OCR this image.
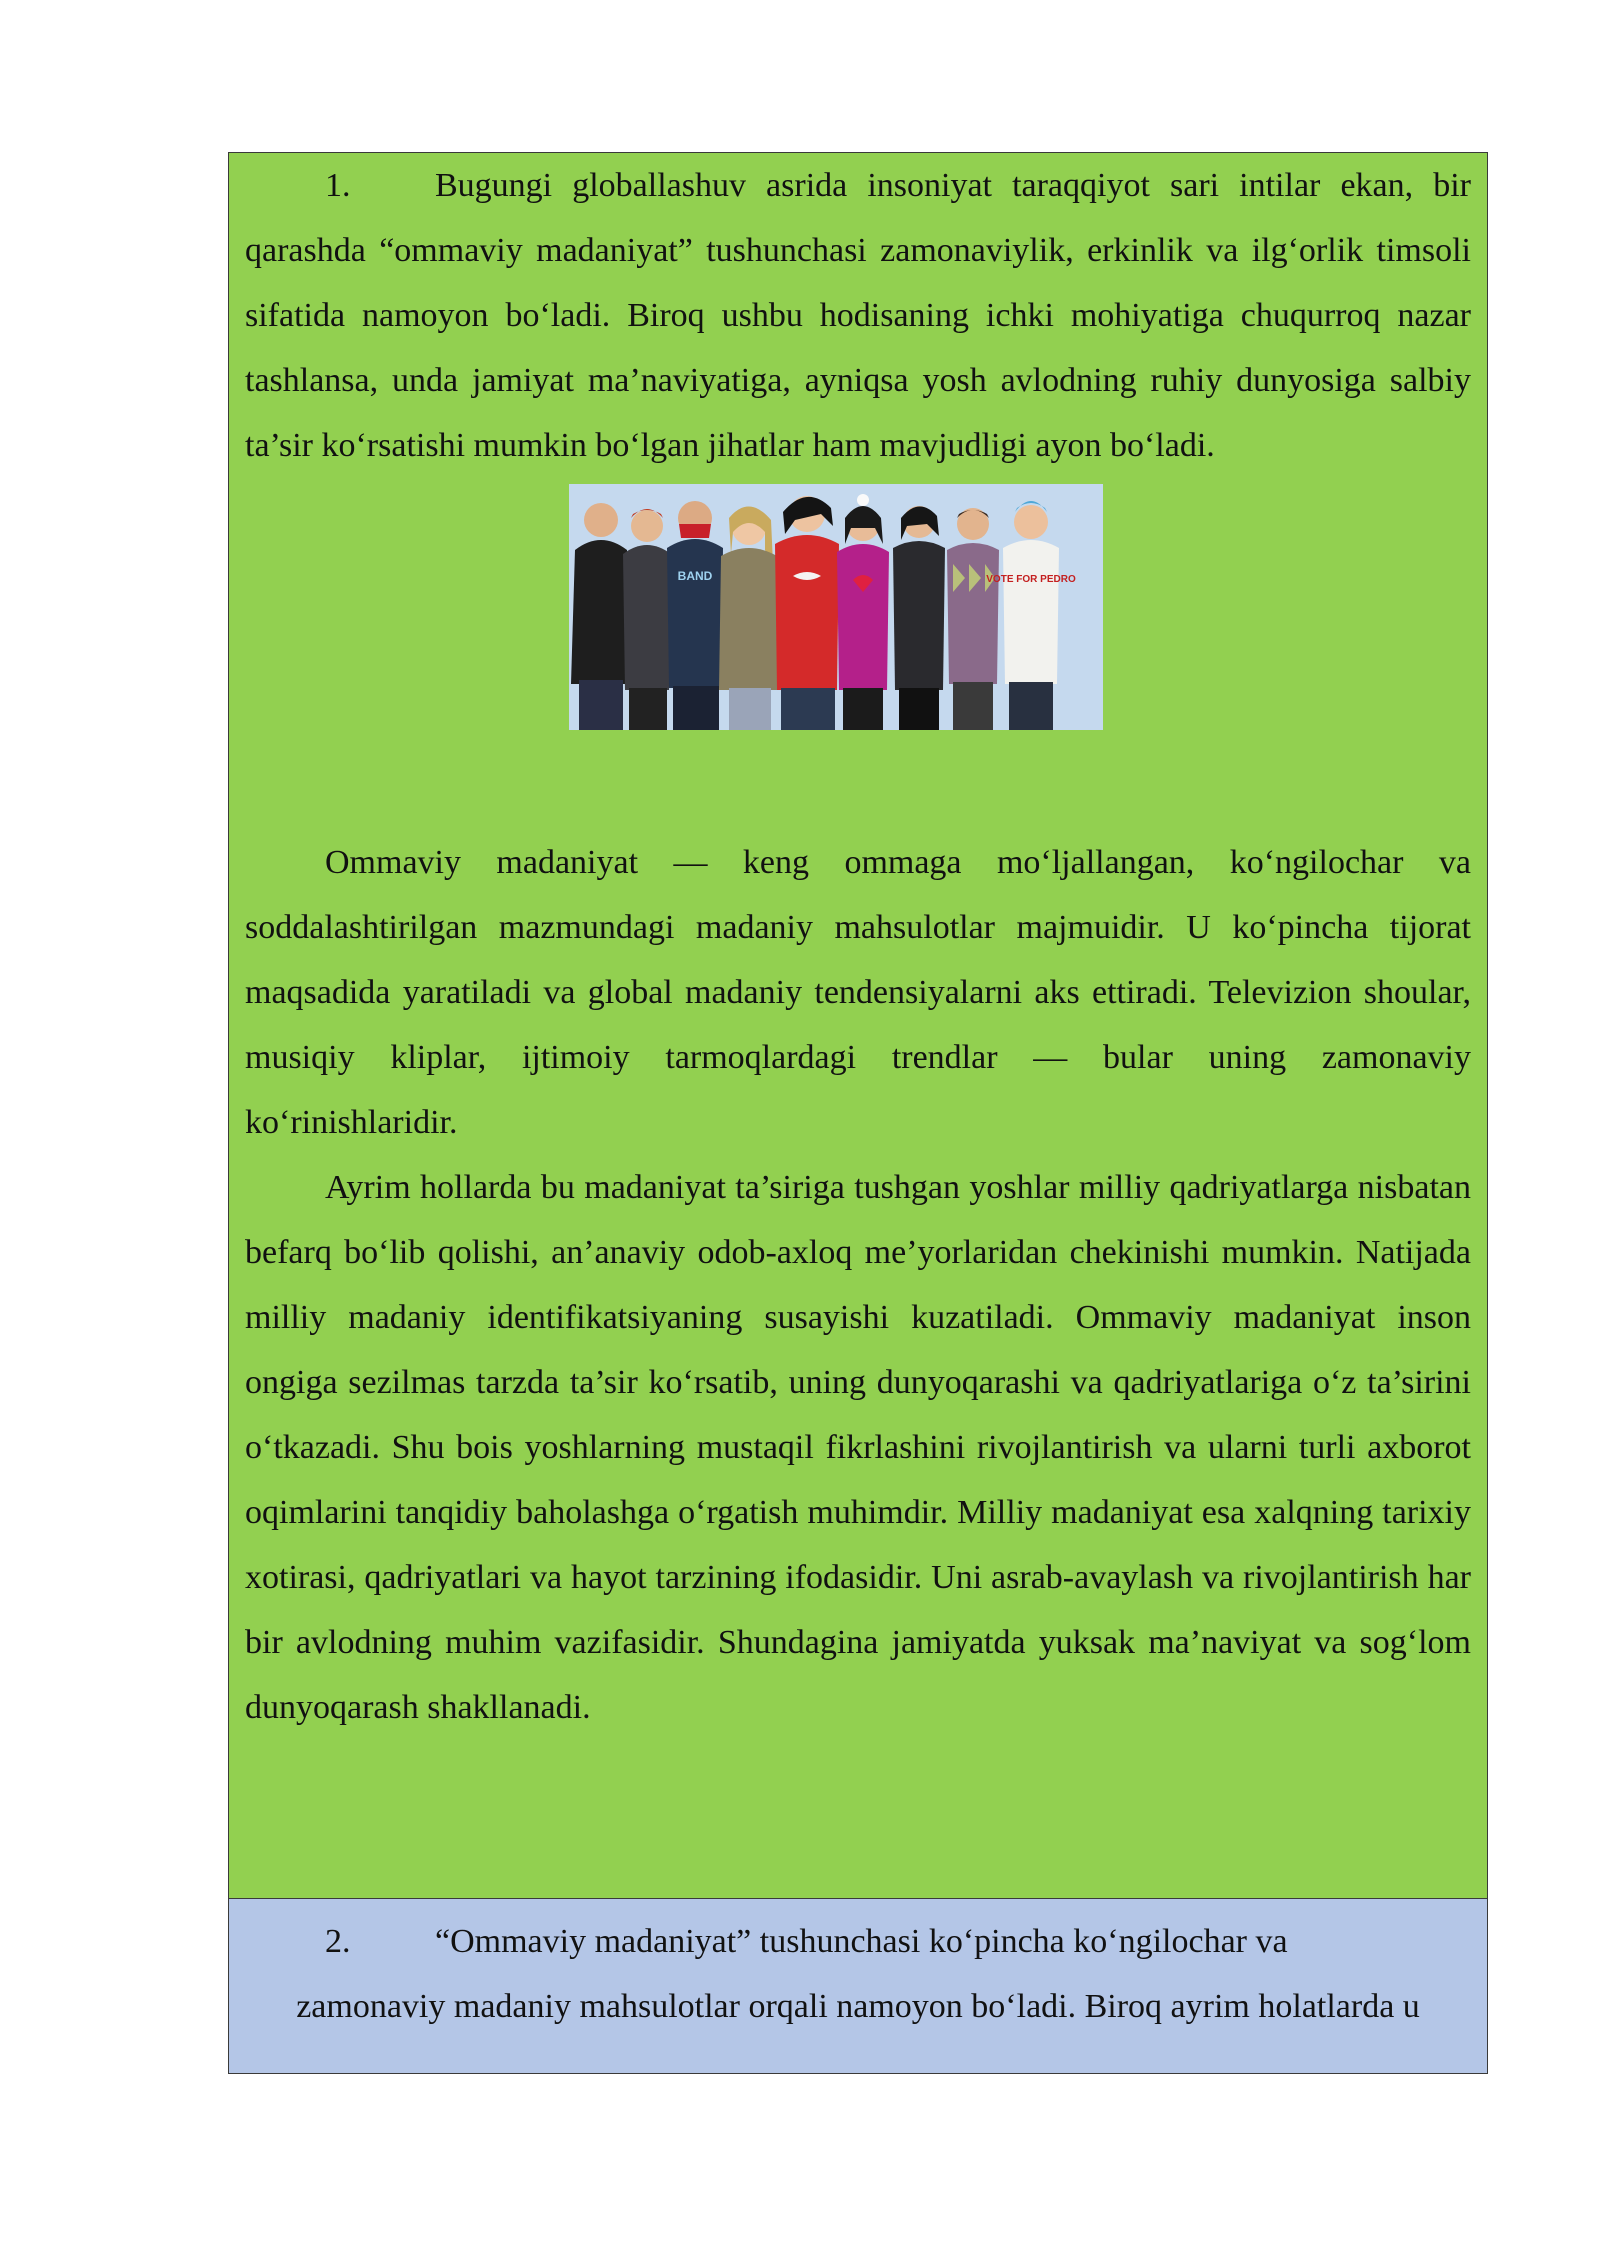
1. Bugungi globallashuv asrida insoniyat taraqqiyot sari intilar ekan, bir qarashda “ommaviy madaniyat” tushunchasi zamonaviylik, erkinlik va ilg‘orlik timsoli sifatida namoyon bo‘ladi. Biroq ushbu hodisaning ichki mohiyatiga chuqurroq nazar tashlansa, unda jamiyat ma’naviyatiga, ayniqsa yosh avlodning ruhiy dunyosiga salbiy ta’sir ko‘rsatishi mumkin bo‘lgan jihatlar ham mavjudligi ayon bo‘ladi.

BAND	VOTE FOR PEDRO

Ommaviy madaniyat — keng ommaga mo‘ljallangan, ko‘ngilochar va soddalashtirilgan mazmundagi madaniy mahsulotlar majmuidir. U ko‘pincha tijorat maqsadida yaratiladi va global madaniy tendensiyalarni aks ettiradi. Televizion shoular, musiqiy kliplar, ijtimoiy tarmoqlardagi trendlar — bular uning zamonaviy ko‘rinishlaridir.

Ayrim hollarda bu madaniyat ta’siriga tushgan yoshlar milliy qadriyatlarga nisbatan befarq bo‘lib qolishi, an’anaviy odob-axloq me’yorlaridan chekinishi mumkin. Natijada milliy madaniy identifikatsiyaning susayishi kuzatiladi. Ommaviy madaniyat inson ongiga sezilmas tarzda ta’sir ko‘rsatib, uning dunyoqarashi va qadriyatlariga o‘z ta’sirini o‘tkazadi. Shu bois yoshlarning mustaqil fikrlashini rivojlantirish va ularni turli axborot oqimlarini tanqidiy baholashga o‘rgatish muhimdir. Milliy madaniyat esa xalqning tarixiy xotirasi, qadriyatlari va hayot tarzining ifodasidir. Uni asrab-avaylash va rivojlantirish har bir avlodning muhim vazifasidir. Shundagina jamiyatda yuksak ma’naviyat va sog‘lom dunyoqarash shakllanadi.

2. “Ommaviy madaniyat” tushunchasi ko‘pincha ko‘ngilochar va

zamonaviy madaniy mahsulotlar orqali namoyon bo‘ladi. Biroq ayrim holatlarda u
